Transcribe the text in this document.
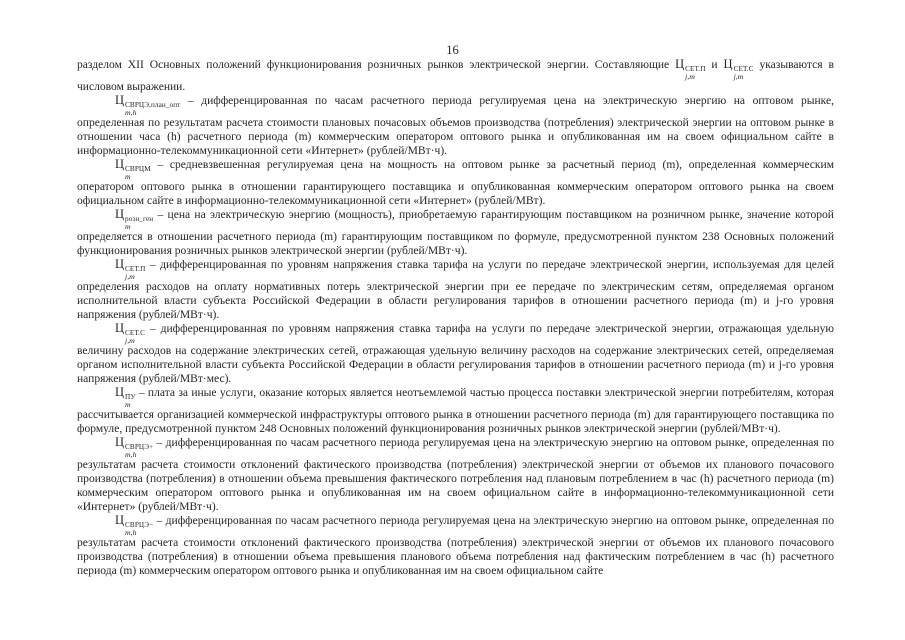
16

разделом XII Основных положений функционирования розничных рынков электрической энергии. Составляющие Ц СЕТ.П
j,m
и Ц СЕТ.С
j,m
указываются в числовом выражении.

Ц СВРЦЭ,план_опт
m,h
– дифференцированная по часам расчетного периода регулируемая цена на электрическую энергию на оптовом рынке, определенная по результатам расчета стоимости плановых почасовых объемов производства (потребления) электрической энергии на оптовом рынке в отношении часа (h) расчетного периода (m) коммерческим оператором оптового рынка и опубликованная им на своем официальном сайте в информационно-телекоммуникационной сети «Интернет» (рублей/МВт·ч).

Ц СВРЦМ
m
– средневзвешенная регулируемая цена на мощность на оптовом рынке за расчетный период (m), определенная коммерческим оператором оптового рынка в отношении гарантирующего поставщика и опубликованная коммерческим оператором оптового рынка на своем официальном сайте в информационно-телекоммуникационной сети «Интернет» (рублей/МВт).

Ц розн_ген
m
– цена на электрическую энергию (мощность), приобретаемую гарантирующим поставщиком на розничном рынке, значение которой определяется в отношении расчетного периода (m) гарантирующим поставщиком по формуле, предусмотренной пунктом 238 Основных положений функционирования розничных рынков электрической энергии (рублей/МВт·ч).

Ц СЕТ.П
j,m
– дифференцированная по уровням напряжения ставка тарифа на услуги по передаче электрической энергии, используемая для целей определения расходов на оплату нормативных потерь электрической энергии при ее передаче по электрическим сетям, определяемая органом исполнительной власти субъекта Российской Федерации в области регулирования тарифов в отношении расчетного периода (m) и j-го уровня напряжения (рублей/МВт·ч).

Ц СЕТ.С
j,m
– дифференцированная по уровням напряжения ставка тарифа на услуги по передаче электрической энергии, отражающая удельную величину расходов на содержание электрических сетей, отражающая удельную величину расходов на содержание электрических сетей, определяемая органом исполнительной власти субъекта Российской Федерации в области регулирования тарифов в отношении расчетного периода (m) и j-го уровня напряжения (рублей/МВт·мес).

Ц ПУ
m
– плата за иные услуги, оказание которых является неотъемлемой частью процесса поставки электрической энергии потребителям, которая рассчитывается организацией коммерческой инфраструктуры оптового рынка в отношении расчетного периода (m) для гарантирующего поставщика по формуле, предусмотренной пунктом 248 Основных положений функционирования розничных рынков электрической энергии (рублей/МВт·ч).

Ц СВРЦЭ+
m,h
– дифференцированная по часам расчетного периода регулируемая цена на электрическую энергию на оптовом рынке, определенная по результатам расчета стоимости отклонений фактического производства (потребления) электрической энергии от объемов их планового почасового производства (потребления) в отношении объема превышения фактического потребления над плановым потреблением в час (h) расчетного периода (m) коммерческим оператором оптового рынка и опубликованная им на своем официальном сайте в информационно-телекоммуникационной сети «Интернет» (рублей/МВт·ч).

Ц СВРЦЭ−
m,h
– дифференцированная по часам расчетного периода регулируемая цена на электрическую энергию на оптовом рынке, определенная по результатам расчета стоимости отклонений фактического производства (потребления) электрической энергии от объемов их планового почасового производства (потребления) в отношении объема превышения планового объема потребления над фактическим потреблением в час (h) расчетного периода (m) коммерческим оператором оптового рынка и опубликованная им на своем официальном сайте
